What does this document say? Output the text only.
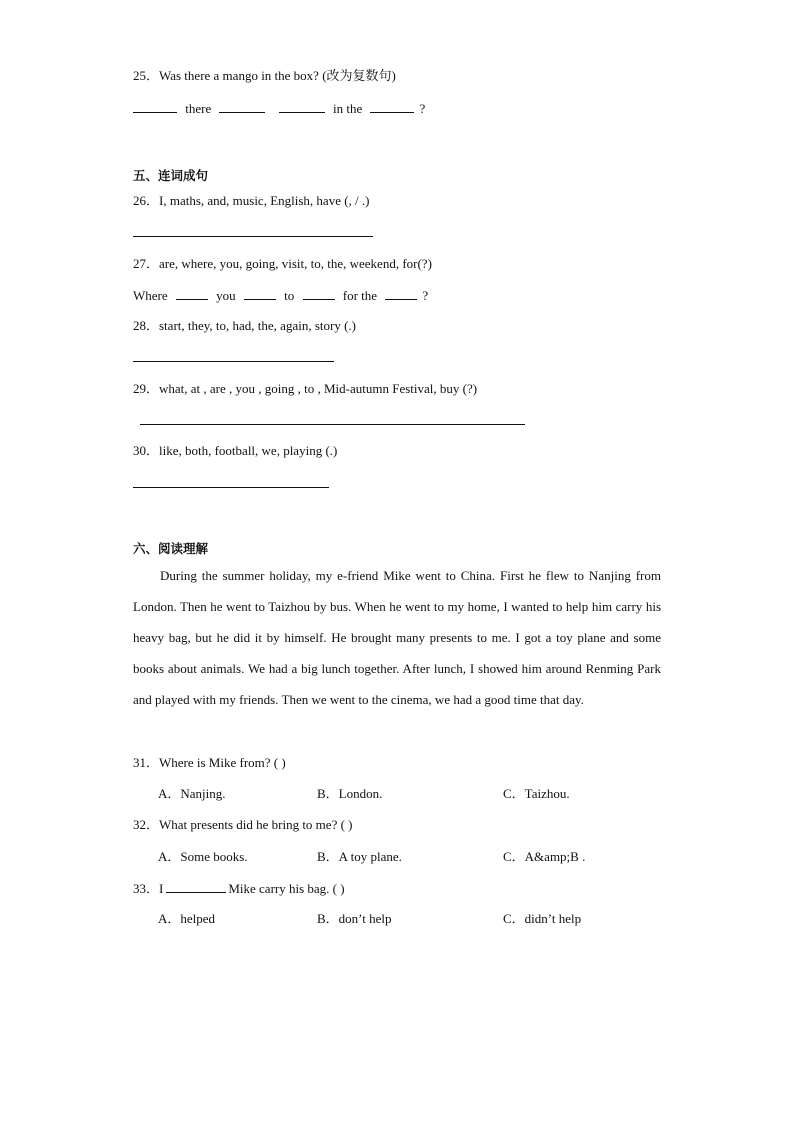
25．Was there a mango in the box? (改为复数句)
there	in the	?
五、连词成句
26．I, maths, and, music, English, have (, / .)
27．are, where, you, going, visit, to, the, weekend, for(?)
Where	you	to	for the	?
28．start, they, to, had, the, again, story (.)
29．what, at , are , you , going , to , Mid-autumn Festival, buy (?)
30．like, both, football, we, playing (.)
六、阅读理解

During the summer holiday, my e-friend Mike went to China. First he flew to Nanjing from London. Then he went to Taizhou by bus. When he went to my home, I wanted to help him carry his heavy bag, but he did it by himself. He brought many presents to me. I got a toy plane and some books about animals. We had a big lunch together. After lunch, I showed him around Renming Park and played with my friends. Then we went to the cinema, we had a good time that day.

31．Where is Mike from? ( )
A．Nanjing.	B．London.	C．Taizhou.
32．What presents did he bring to me? ( )
A．Some books.	B．A toy plane.	C．A&amp;B .
33．I	Mike carry his bag. ( )
A．helped	B．don’t help	C．didn’t help
